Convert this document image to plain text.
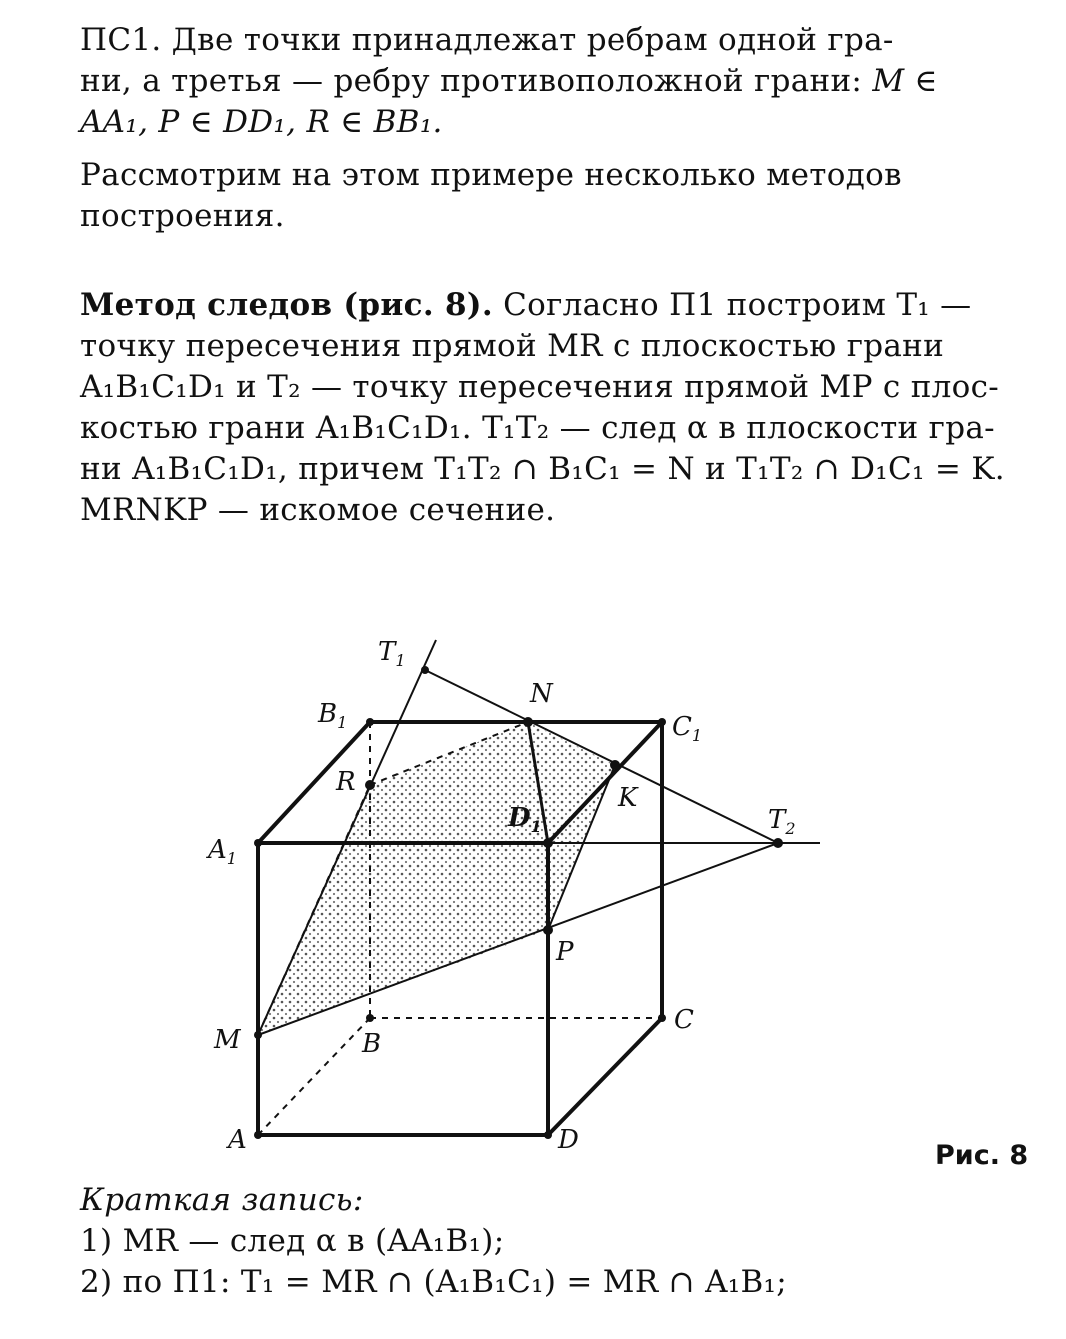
ПС1. Две точки принадлежат ребрам одной гра-
ни, а третья — ребру противоположной грани: M ∈
AA₁, P ∈ DD₁, R ∈ BB₁.
Рассмотрим на этом примере несколько методов
построения.
Метод следов (рис. 8). Согласно П1 построим T₁ —
точку пересечения прямой MR с плоскостью грани
A₁B₁C₁D₁ и T₂ — точку пересечения прямой MP с плос-
костью грани A₁B₁C₁D₁. T₁T₂ — след α в плоскости гра-
ни A₁B₁C₁D₁, причем T₁T₂ ∩ B₁C₁ = N и T₁T₂ ∩ D₁C₁ = K.
MRNKP — искомое сечение.
$T_1$
N
$B_1$	$C_1$
R
K
$D_1$	$T_2$
$A_1$
P
M	B
C
A	D	Рис. 8
Краткая запись:
1) MR — след α в (AA₁B₁);
2) по П1: T₁ = MR ∩ (A₁B₁C₁) = MR ∩ A₁B₁;
